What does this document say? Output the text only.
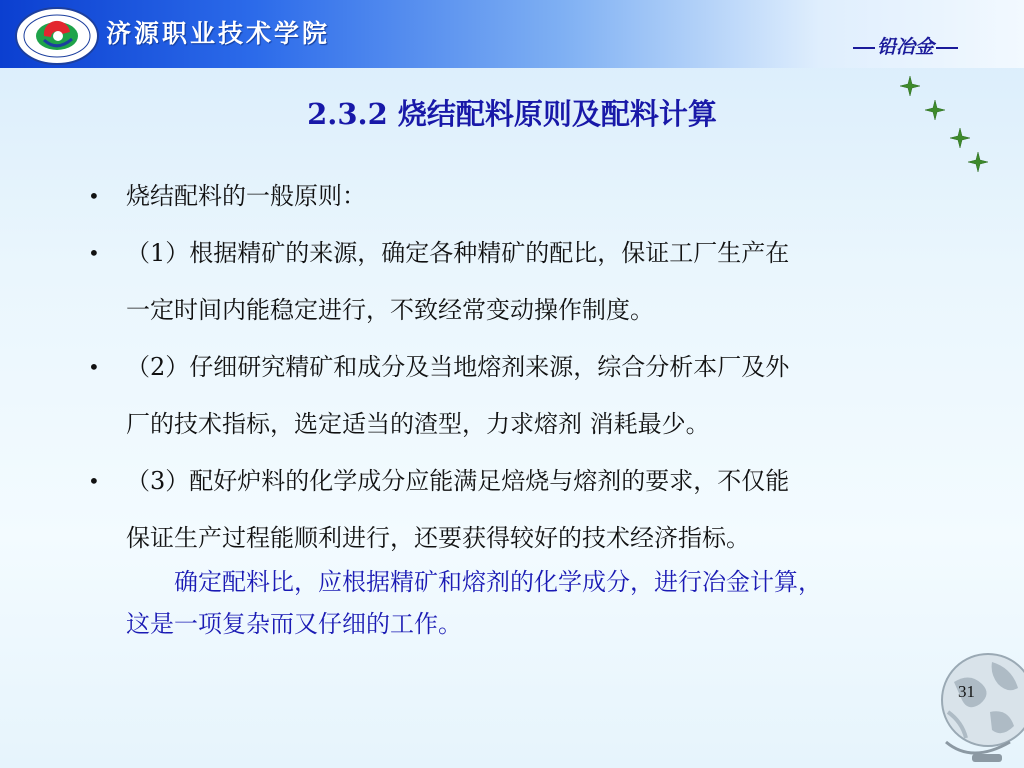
济源职业技术学院	铅冶金
2.3.2 烧结配料原则及配料计算
• 烧结配料的一般原则：
• （1）根据精矿的来源，确定各种精矿的配比，保证工厂生产在
一定时间内能稳定进行，不致经常变动操作制度。
• （2）仔细研究精矿和成分及当地熔剂来源，综合分析本厂及外
厂的技术指标，选定适当的渣型，力求熔剂 消耗最少。
• （3）配好炉料的化学成分应能满足焙烧与熔剂的要求，不仅能
保证生产过程能顺利进行，还要获得较好的技术经济指标。
确定配料比，应根据精矿和熔剂的化学成分，进行冶金计算，
这是一项复杂而又仔细的工作。
31
